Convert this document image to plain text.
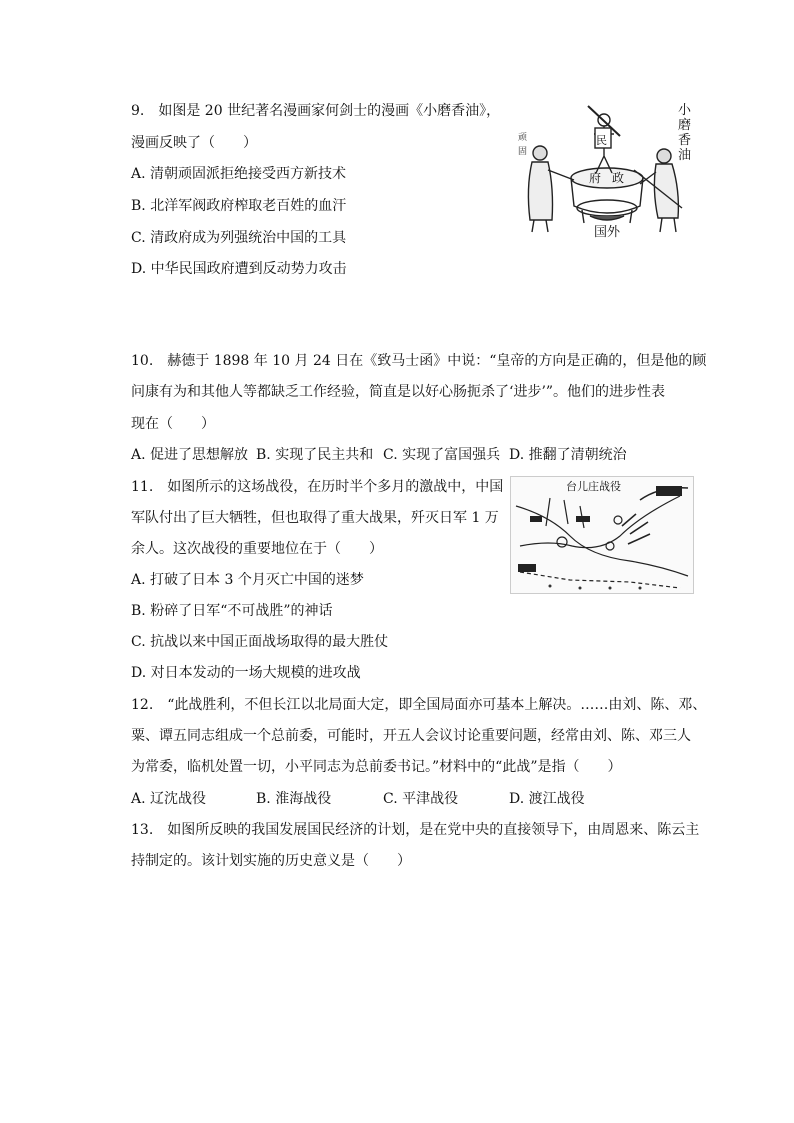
9.　如图是 20 世纪著名漫画家何剑士的漫画《小磨香油》，
漫画反映了（　　）
A. 清朝顽固派拒绝接受西方新技术
B. 北洋军阀政府榨取老百姓的血汗
C. 清政府成为列强统治中国的工具
D. 中华民国政府遭到反动势力攻击
民
府 政
国外
小
磨
香
油
顽
固
10.　赫德于 1898 年 10 月 24 日在《致马士函》中说：“皇帝的方向是正确的，但是他的顾
问康有为和其他人等都缺乏工作经验，简直是以好心肠扼杀了‘进步’”。他们的进步性表
现在（　　）
A. 促进了思想解放 B. 实现了民主共和 C. 实现了富国强兵 D. 推翻了清朝统治
11.　如图所示的这场战役，在历时半个多月的激战中，中国
军队付出了巨大牺牲，但也取得了重大战果，歼灭日军 1 万
余人。这次战役的重要地位在于（　　）
A. 打破了日本 3 个月灭亡中国的迷梦
B. 粉碎了日军“不可战胜”的神话
C. 抗战以来中国正面战场取得的最大胜仗
D. 对日本发动的一场大规模的进攻战
台儿庄战役
12.　“此战胜利，不但长江以北局面大定，即全国局面亦可基本上解决。……由刘、陈、邓、
粟、谭五同志组成一个总前委，可能时，开五人会议讨论重要问题，经常由刘、陈、邓三人
为常委，临机处置一切，小平同志为总前委书记。”材料中的“此战”是指（　　）
A. 辽沈战役	B. 淮海战役	C. 平津战役	D. 渡江战役
13.　如图所反映的我国发展国民经济的计划，是在党中央的直接领导下，由周恩来、陈云主
持制定的。该计划实施的历史意义是（　　）
